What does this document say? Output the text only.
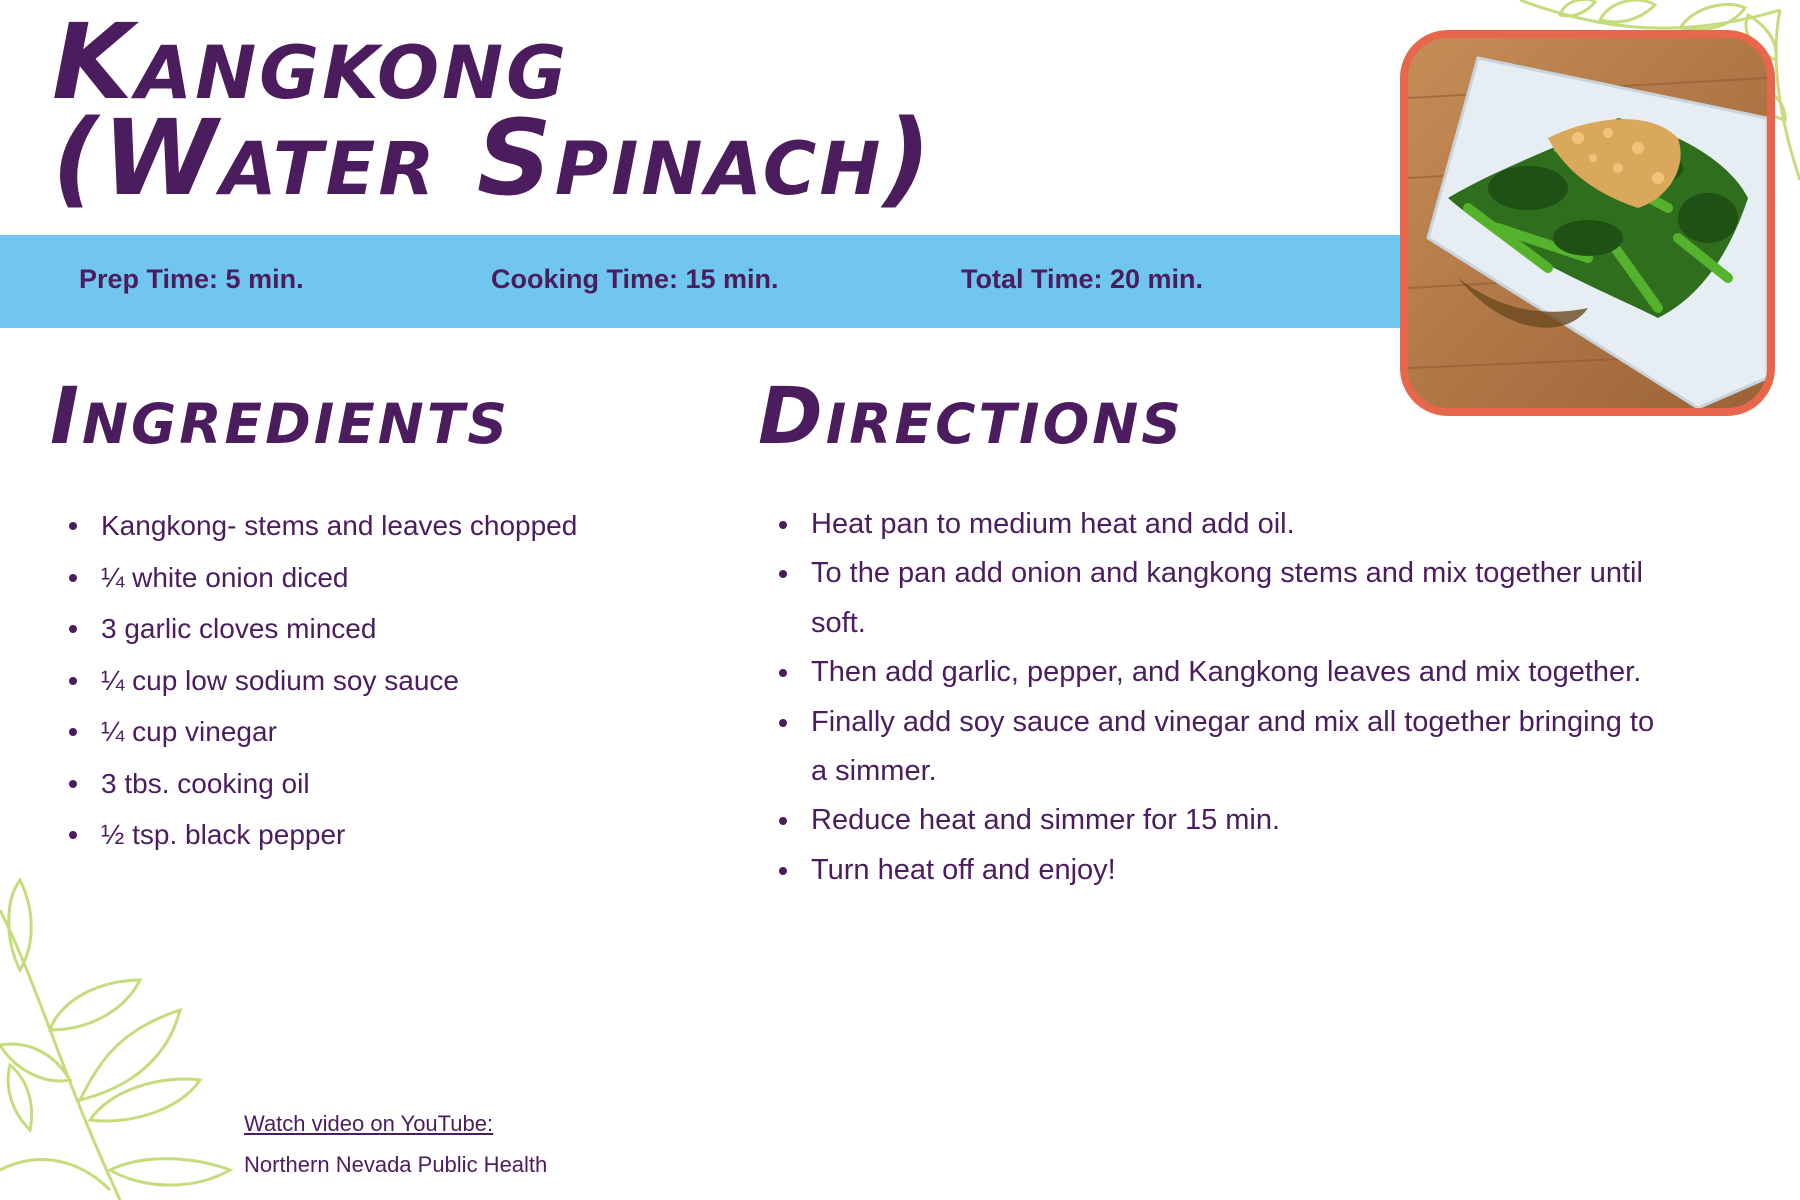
Kangkong
(Water Spinach)
Prep Time: 5 min.	Cooking Time: 15 min.	Total Time: 20 min.
Ingredients	Directions
Kangkong- stems and leaves chopped
¼ white onion diced
3 garlic cloves minced
¼ cup low sodium soy sauce
¼ cup vinegar
3 tbs. cooking oil
½ tsp. black pepper
Heat pan to medium heat and add oil.
To the pan add onion and kangkong stems and mix together until soft.
Then add garlic, pepper, and Kangkong leaves and mix together.
Finally add soy sauce and vinegar and mix all together bringing to a simmer.
Reduce heat and simmer for 15 min.
Turn heat off and enjoy!
Watch video on YouTube:
Northern Nevada Public Health
